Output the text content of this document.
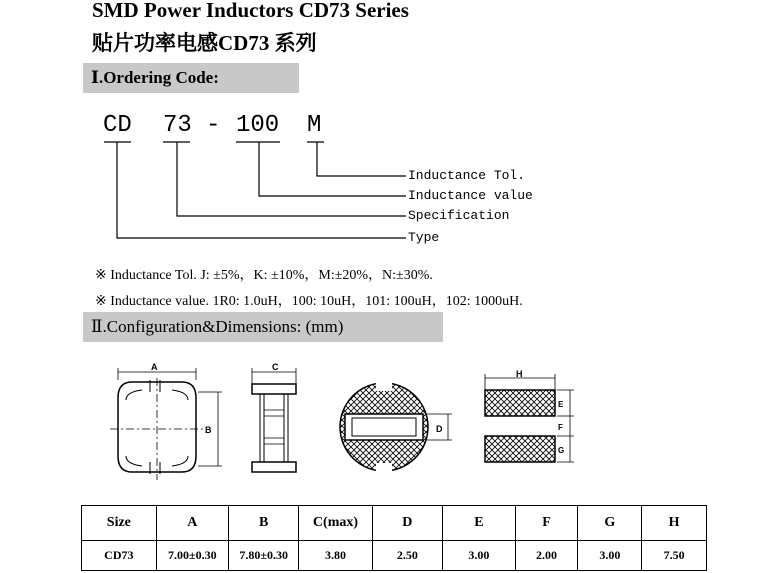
SMD Power Inductors CD73 Series
贴片功率电感CD73 系列
Ⅰ.Ordering Code:
CD 73 - 100 M
Inductance Tol.
Inductance value
Specification
Type
※ Inductance Tol. J: ±5%，K: ±10%，M:±20%，N:±30%.
※ Inductance value. 1R0: 1.0uH，100: 10uH，101: 100uH，102: 1000uH.
Ⅱ.Configuration&Dimensions: (mm)
A
B
C
D
H
E
F
G
Size	A	B	C(max)	D	E	F	G	H
CD73	7.00±0.30	7.80±0.30	3.80	2.50	3.00	2.00	3.00	7.50
